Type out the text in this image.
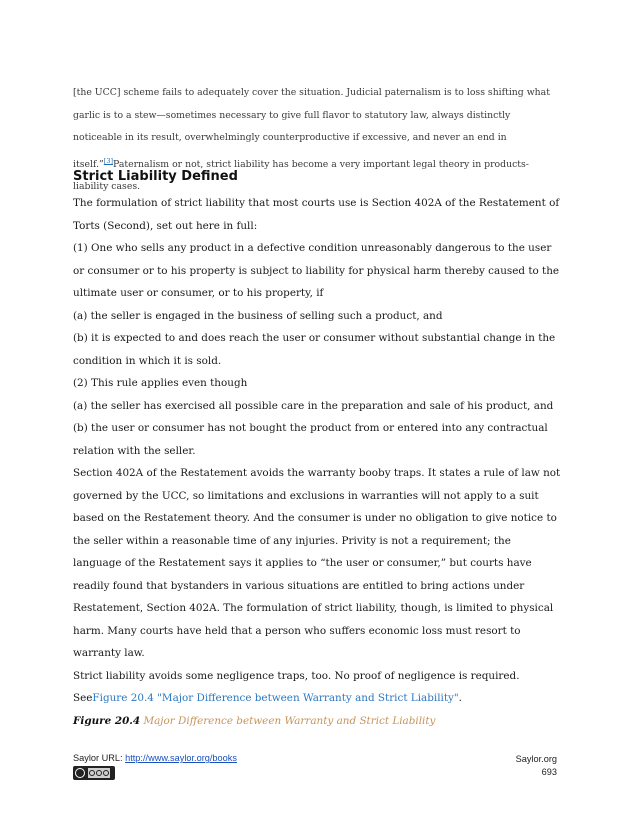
[the UCC] scheme fails to adequately cover the situation. Judicial paternalism is to loss shifting what garlic is to a stew—sometimes necessary to give full flavor to statutory law, always distinctly noticeable in its result, overwhelmingly counterproductive if excessive, and never an end in itself.”[3]Paternalism or not, strict liability has become a very important legal theory in products-liability cases.

Strict Liability Defined

The formulation of strict liability that most courts use is Section 402A of the Restatement of Torts (Second), set out here in full:

(1) One who sells any product in a defective condition unreasonably dangerous to the user or consumer or to his property is subject to liability for physical harm thereby caused to the ultimate user or consumer, or to his property, if

(a) the seller is engaged in the business of selling such a product, and

(b) it is expected to and does reach the user or consumer without substantial change in the condition in which it is sold.

(2) This rule applies even though

(a) the seller has exercised all possible care in the preparation and sale of his product, and

(b) the user or consumer has not bought the product from or entered into any contractual relation with the seller.

Section 402A of the Restatement avoids the warranty booby traps. It states a rule of law not governed by the UCC, so limitations and exclusions in warranties will not apply to a suit based on the Restatement theory. And the consumer is under no obligation to give notice to the seller within a reasonable time of any injuries. Privity is not a requirement; the language of the Restatement says it applies to “the user or consumer,” but courts have readily found that bystanders in various situations are entitled to bring actions under Restatement, Section 402A. The formulation of strict liability, though, is limited to physical harm. Many courts have held that a person who suffers economic loss must resort to warranty law.

Strict liability avoids some negligence traps, too. No proof of negligence is required. SeeFigure 20.4 "Major Difference between Warranty and Strict Liability".

Figure 20.4 Major Difference between Warranty and Strict Liability

Saylor URL: http://www.saylor.org/books	Saylor.org
693
